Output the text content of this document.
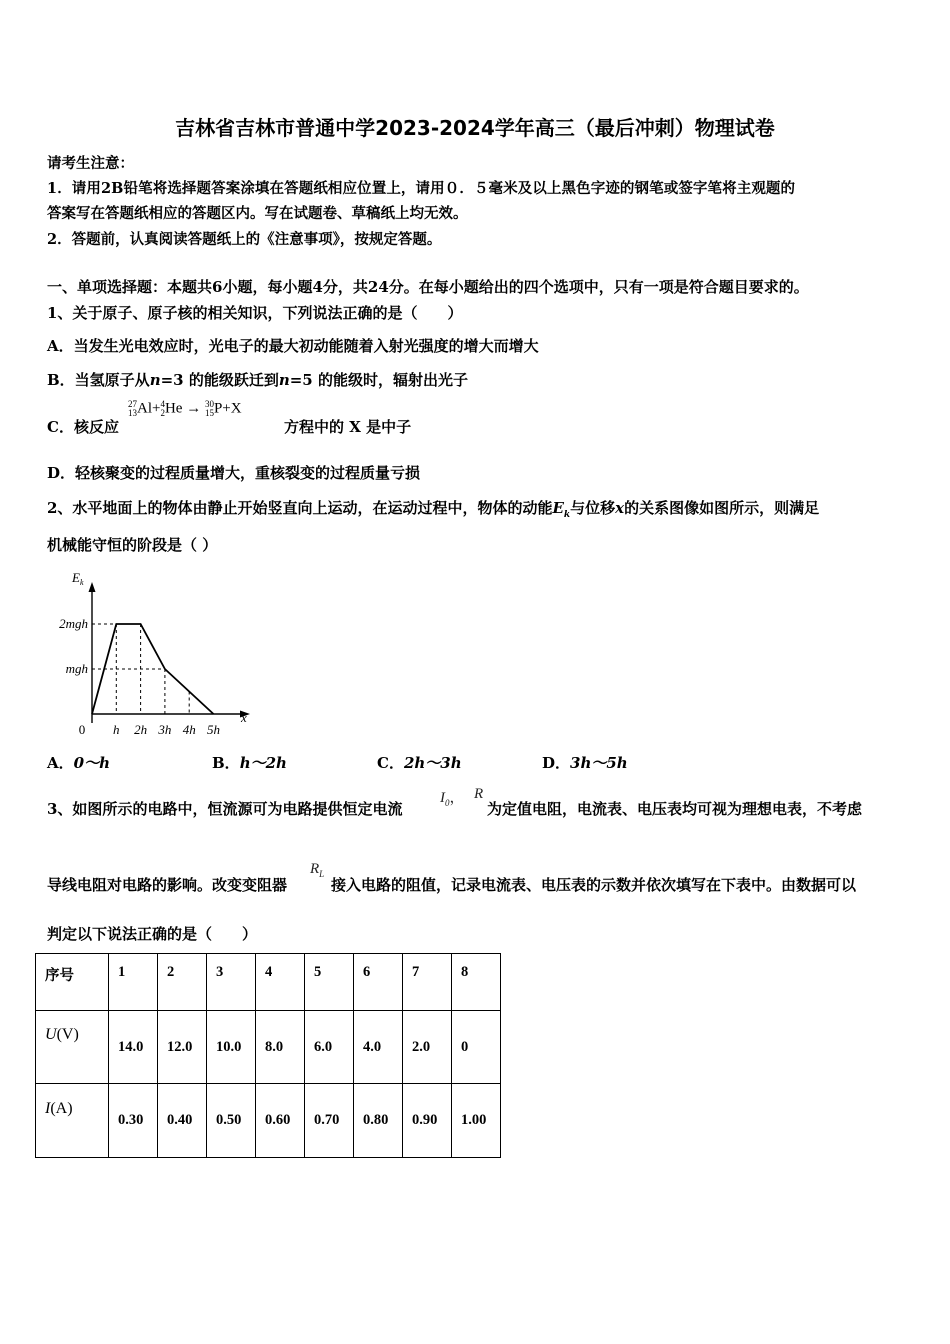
吉林省吉林市普通中学2023-2024学年高三（最后冲刺）物理试卷
请考生注意：
1．请用2B铅笔将选择题答案涂填在答题纸相应位置上，请用０．５毫米及以上黑色字迹的钢笔或签字笔将主观题的
答案写在答题纸相应的答题区内。写在试题卷、草稿纸上均无效。
2．答题前，认真阅读答题纸上的《注意事项》，按规定答题。
一、单项选择题：本题共6小题，每小题4分，共24分。在每小题给出的四个选项中，只有一项是符合题目要求的。
1、关于原子、原子核的相关知识，下列说法正确的是（　　）
A．当发生光电效应时，光电子的最大初动能随着入射光强度的增大而增大
B．当氢原子从n=3 的能级跃迁到n=5 的能级时，辐射出光子
C．核反应
27
13Al+4
2He → 30
15P+X
方程中的 X 是中子
D．轻核聚变的过程质量增大，重核裂变的过程质量亏损
2、水平地面上的物体由静止开始竖直向上运动，在运动过程中，物体的动能$E_k$与位移x的关系图像如图所示，则满足
机械能守恒的阶段是（ ）
$E_k$
x
0 h 2h 3h 4h 5h
mgh
2mgh
A．0～h	B．h～2h	C．2h～3h	D．3h～5h
3、如图所示的电路中，恒流源可为电路提供恒定电流
$I_0$， R
为定值电阻，电流表、电压表均可视为理想电表，不考虑
导线电阻对电路的影响。改变变阻器
$R_L$
接入电路的阻值，记录电流表、电压表的示数并依次填写在下表中。由数据可以
判定以下说法正确的是（　　）
序号	1	2	3	4	5	6	7	8
U(V)	14.0	12.0	10.0	8.0	6.0	4.0	2.0	0
I(A)	0.30	0.40	0.50	0.60	0.70	0.80	0.90	1.00
